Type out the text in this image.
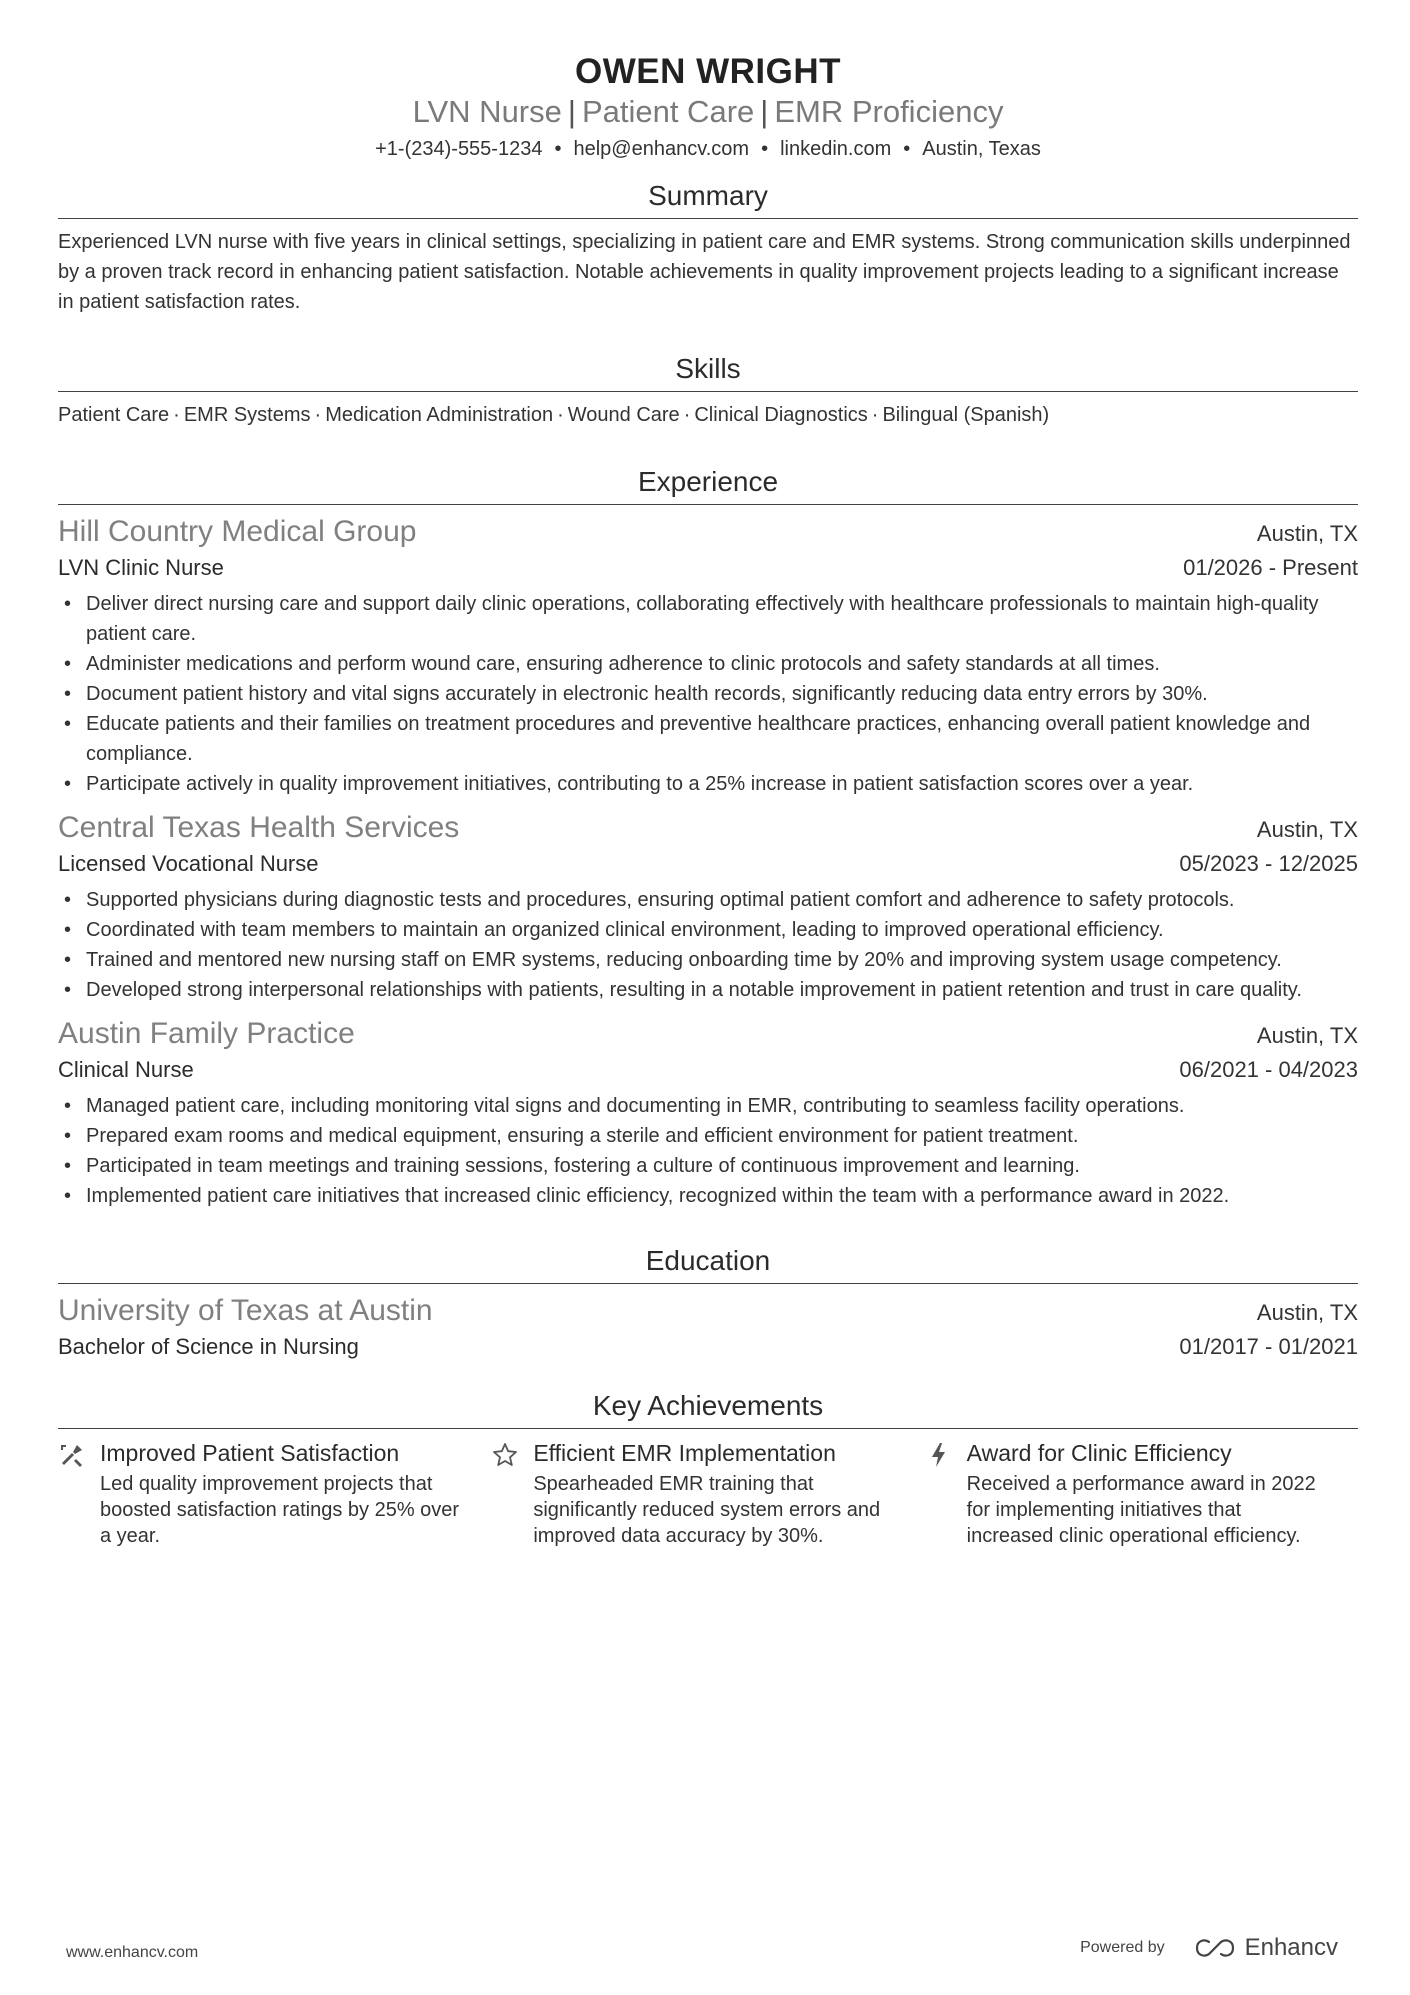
OWEN WRIGHT
LVN Nurse | Patient Care | EMR Proficiency
+1-(234)-555-1234 • help@enhancv.com • linkedin.com • Austin, Texas
Summary
Experienced LVN nurse with five years in clinical settings, specializing in patient care and EMR systems. Strong communication skills underpinned by a proven track record in enhancing patient satisfaction. Notable achievements in quality improvement projects leading to a significant increase in patient satisfaction rates.
Skills
Patient Care · EMR Systems · Medication Administration · Wound Care · Clinical Diagnostics · Bilingual (Spanish)
Experience
Hill Country Medical Group	Austin, TX
LVN Clinic Nurse	01/2026 - Present
• Deliver direct nursing care and support daily clinic operations, collaborating effectively with healthcare professionals to maintain high-quality patient care.
• Administer medications and perform wound care, ensuring adherence to clinic protocols and safety standards at all times.
• Document patient history and vital signs accurately in electronic health records, significantly reducing data entry errors by 30%.
• Educate patients and their families on treatment procedures and preventive healthcare practices, enhancing overall patient knowledge and compliance.
• Participate actively in quality improvement initiatives, contributing to a 25% increase in patient satisfaction scores over a year.
Central Texas Health Services	Austin, TX
Licensed Vocational Nurse	05/2023 - 12/2025
• Supported physicians during diagnostic tests and procedures, ensuring optimal patient comfort and adherence to safety protocols.
• Coordinated with team members to maintain an organized clinical environment, leading to improved operational efficiency.
• Trained and mentored new nursing staff on EMR systems, reducing onboarding time by 20% and improving system usage competency.
• Developed strong interpersonal relationships with patients, resulting in a notable improvement in patient retention and trust in care quality.
Austin Family Practice	Austin, TX
Clinical Nurse	06/2021 - 04/2023
• Managed patient care, including monitoring vital signs and documenting in EMR, contributing to seamless facility operations.
• Prepared exam rooms and medical equipment, ensuring a sterile and efficient environment for patient treatment.
• Participated in team meetings and training sessions, fostering a culture of continuous improvement and learning.
• Implemented patient care initiatives that increased clinic efficiency, recognized within the team with a performance award in 2022.
Education
University of Texas at Austin	Austin, TX
Bachelor of Science in Nursing	01/2017 - 01/2021
Key Achievements
Improved Patient Satisfaction
Led quality improvement projects that boosted satisfaction ratings by 25% over a year.
Efficient EMR Implementation
Spearheaded EMR training that significantly reduced system errors and improved data accuracy by 30%.
Award for Clinic Efficiency
Received a performance award in 2022 for implementing initiatives that increased clinic operational efficiency.
www.enhancv.com	Powered by	Enhancv
